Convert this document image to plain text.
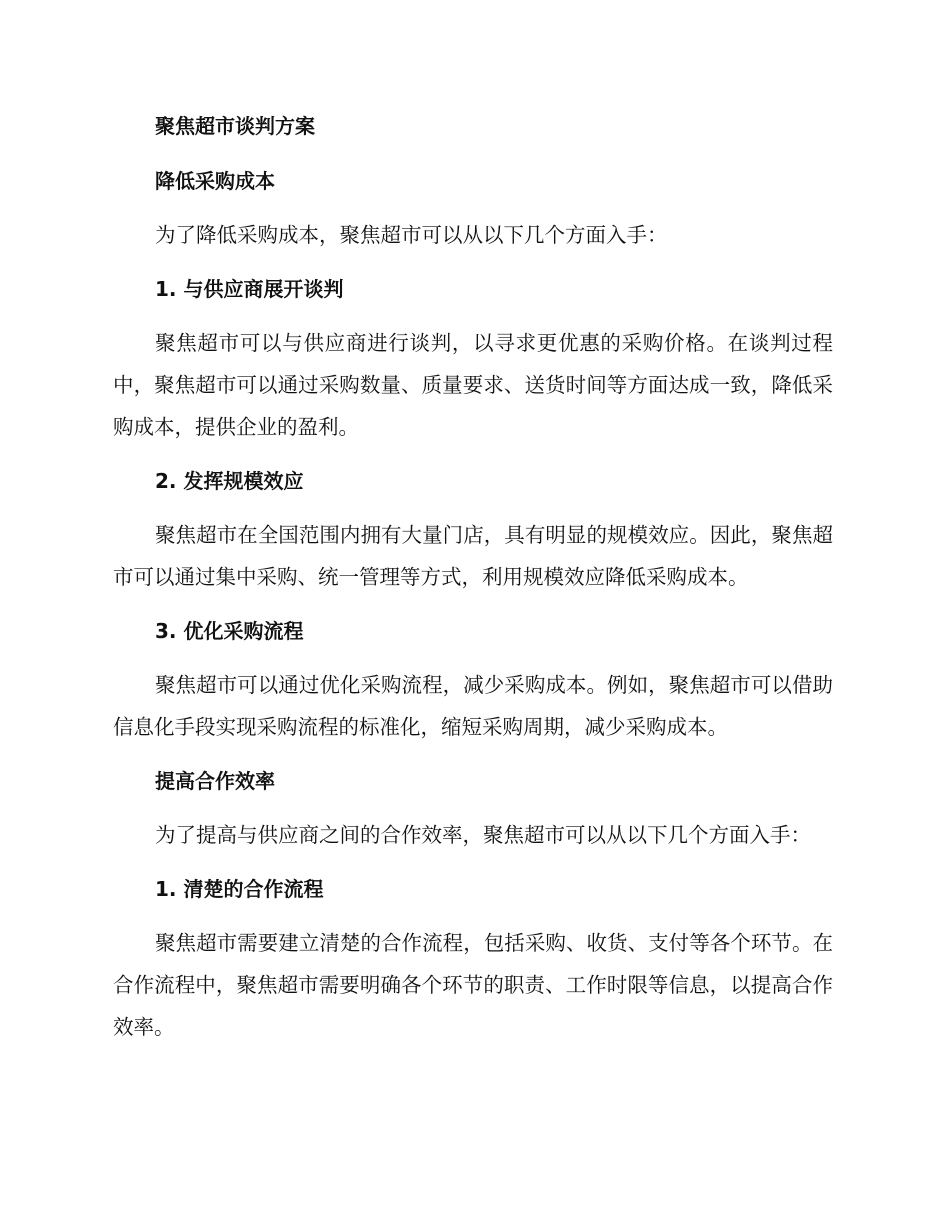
聚焦超市谈判方案

降低采购成本

为了降低采购成本，聚焦超市可以从以下几个方面入手：

1. 与供应商展开谈判

聚焦超市可以与供应商进行谈判，以寻求更优惠的采购价格。在谈判过程中，聚焦超市可以通过采购数量、质量要求、送货时间等方面达成一致，降低采购成本，提供企业的盈利。

2. 发挥规模效应

聚焦超市在全国范围内拥有大量门店，具有明显的规模效应。因此，聚焦超市可以通过集中采购、统一管理等方式，利用规模效应降低采购成本。

3. 优化采购流程

聚焦超市可以通过优化采购流程，减少采购成本。例如，聚焦超市可以借助信息化手段实现采购流程的标准化，缩短采购周期，减少采购成本。

提高合作效率

为了提高与供应商之间的合作效率，聚焦超市可以从以下几个方面入手：

1. 清楚的合作流程

聚焦超市需要建立清楚的合作流程，包括采购、收货、支付等各个环节。在合作流程中，聚焦超市需要明确各个环节的职责、工作时限等信息，以提高合作效率。
